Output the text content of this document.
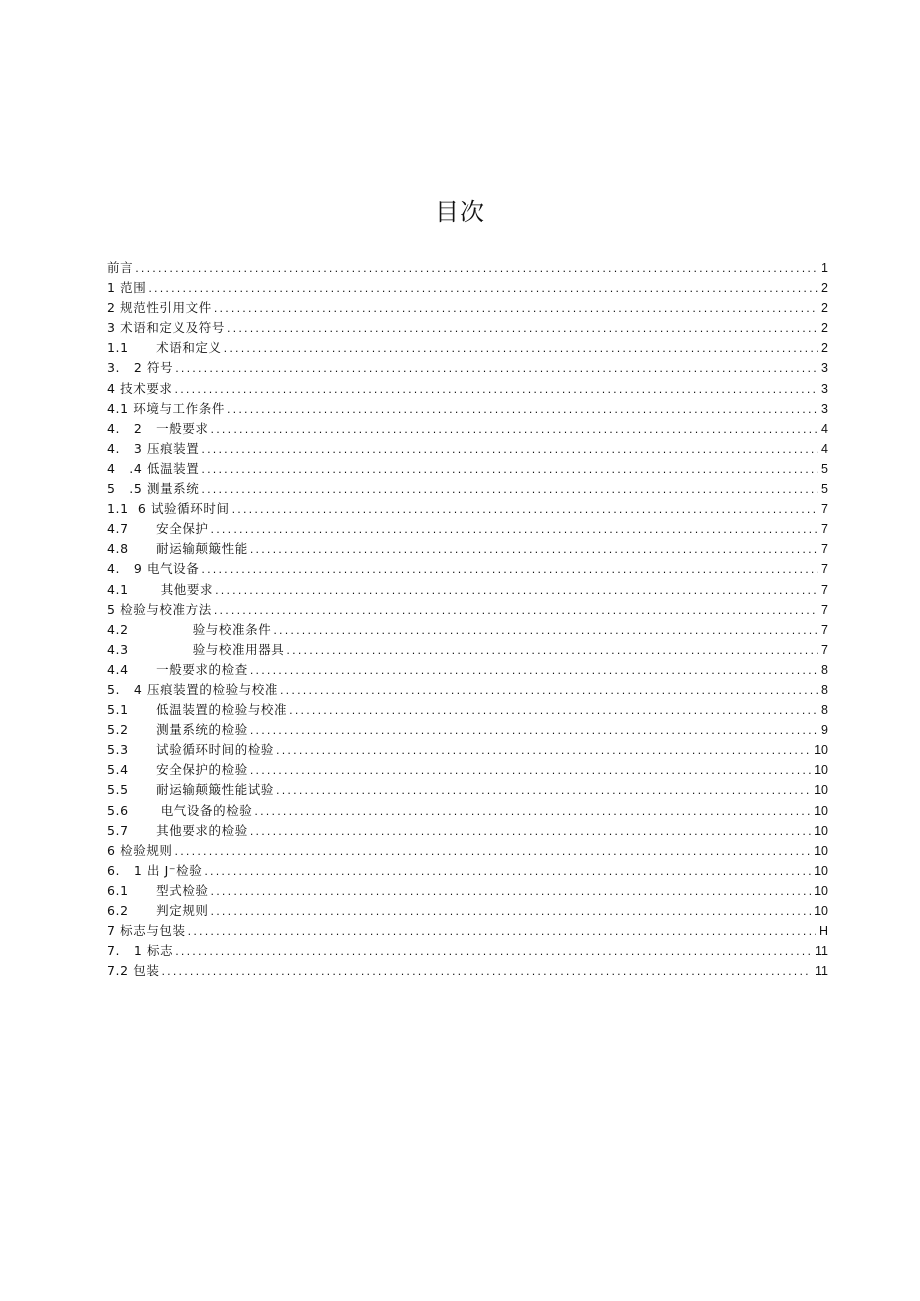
目次
前言 .....	1
1 范围 .....	2
2 规范性引用文件 .....	2
3 术语和定义及符号 .....	2
1.1      术语和定义 .....	2
3.   2 符号 .....	3
4 技术要求 .....	3
4.1 环境与工作条件 .....	3
4.   2   一般要求 .....	4
4.   3 压痕装置 .....	4
4   .4 低温装置 .....	5
5   .5 测量系统 .....	5
1.1  6 试验循环时间 .....	7
4.7      安全保护 .....	7
4.8      耐运输颠簸性能 .....	7
4.   9 电气设备 .....	7
4.1       其他要求 .....	7
5 检验与校准方法 .....	7
4.2              验与校准条件 .....	7
4.3              验与校准用器具 .....	7
4.4      一般要求的检查 .....	8
5.   4 压痕装置的检验与校准 .....	8
5.1      低温装置的检验与校准 .....	8
5.2      测量系统的检验 .....	9
5.3      试验循环时间的检验 .....	10
5.4      安全保护的检验 .....	10
5.5      耐运输颠簸性能试验 .....	10
5.6       电气设备的检验 .....	10
5.7      其他要求的检验 .....	10
6 检验规则 .....	10
6.   1 出 J⁻检验 .....	10
6.1      型式检验 .....	10
6.2      判定规则 .....	10
7 标志与包装 .....	H
7.   1 标志 .....	11
7.2 包装 .....	11
